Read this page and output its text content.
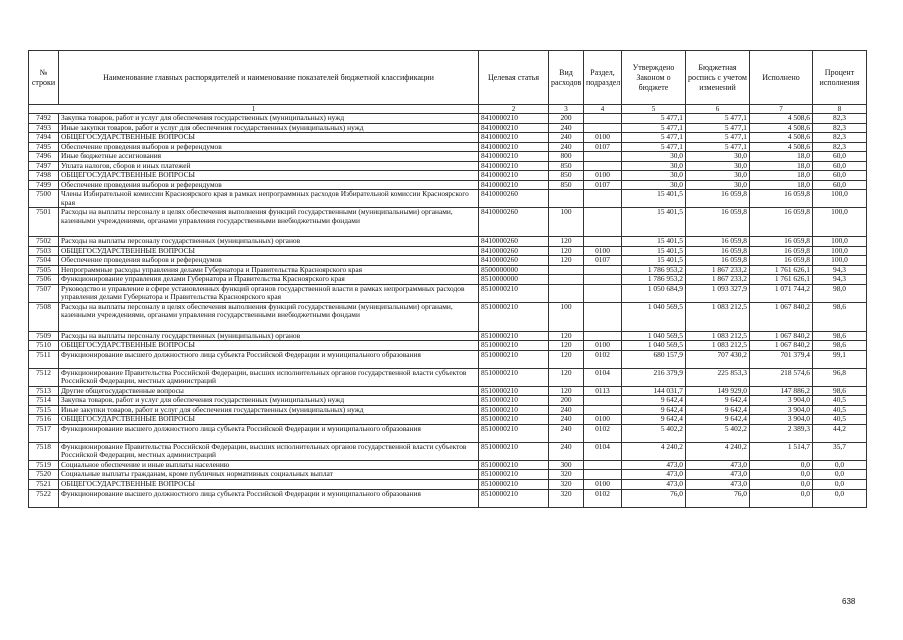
№ строки	Наименование главных распорядителей и наименование показателей бюджетной классификации	Целевая статья	Вид расходов	Раздел, подраздел	Утверждено Законом о бюджете	Бюджетная роспись с учетом изменений	Исполнено	Процент исполнения
1		2	3	4	5	6	7	8
7492	Закупка товаров, работ и услуг для обеспечения государственных (муниципальных) нужд	8410000210	200		5 477,1	5 477,1	4 508,6	82,3
7493	Иные закупки товаров, работ и услуг для обеспечения государственных (муниципальных) нужд	8410000210	240		5 477,1	5 477,1	4 508,6	82,3
7494	ОБЩЕГОСУДАРСТВЕННЫЕ ВОПРОСЫ	8410000210	240	0100	5 477,1	5 477,1	4 508,6	82,3
7495	Обеспечение проведения выборов и референдумов	8410000210	240	0107	5 477,1	5 477,1	4 508,6	82,3
7496	Иные бюджетные ассигнования	8410000210	800		30,0	30,0	18,0	60,0
7497	Уплата налогов, сборов и иных платежей	8410000210	850		30,0	30,0	18,0	60,0
7498	ОБЩЕГОСУДАРСТВЕННЫЕ ВОПРОСЫ	8410000210	850	0100	30,0	30,0	18,0	60,0
7499	Обеспечение проведения выборов и референдумов	8410000210	850	0107	30,0	30,0	18,0	60,0
7500	Члены Избирательной комиссии Красноярского края в рамках непрограммных расходов Избирательной комиссии Красноярского края	8410000260			15 401,5	16 059,8	16 059,8	100,0
7501	Расходы на выплаты персоналу в целях обеспечения выполнения функций государственными (муниципальными) органами, казенными учреждениями, органами управления государственными внебюджетными фондами	8410000260	100		15 401,5	16 059,8	16 059,8	100,0
7502	Расходы на выплаты персоналу государственных (муниципальных) органов	8410000260	120		15 401,5	16 059,8	16 059,8	100,0
7503	ОБЩЕГОСУДАРСТВЕННЫЕ ВОПРОСЫ	8410000260	120	0100	15 401,5	16 059,8	16 059,8	100,0
7504	Обеспечение проведения выборов и референдумов	8410000260	120	0107	15 401,5	16 059,8	16 059,8	100,0
7505	Непрограммные расходы управления делами Губернатора и Правительства Красноярского края	8500000000			1 786 953,2	1 867 233,2	1 761 626,1	94,3
7506	Функционирование управления делами Губернатора и Правительства Красноярского края	8510000000			1 786 953,2	1 867 233,2	1 761 626,1	94,3
7507	Руководство и управление в сфере установленных функций органов государственной власти в рамках непрограммных расходов управления делами Губернатора и Правительства Красноярского края	8510000210			1 050 684,9	1 093 327,9	1 071 744,2	98,0
7508	Расходы на выплаты персоналу в целях обеспечения выполнения функций государственными (муниципальными) органами, казенными учреждениями, органами управления государственными внебюджетными фондами	8510000210	100		1 040 569,5	1 083 212,5	1 067 840,2	98,6
7509	Расходы на выплаты персоналу государственных (муниципальных) органов	8510000210	120		1 040 569,5	1 083 212,5	1 067 840,2	98,6
7510	ОБЩЕГОСУДАРСТВЕННЫЕ ВОПРОСЫ	8510000210	120	0100	1 040 569,5	1 083 212,5	1 067 840,2	98,6
7511	Функционирование высшего должностного лица субъекта Российской Федерации и муниципального образования	8510000210	120	0102	680 157,9	707 430,2	701 379,4	99,1
7512	Функционирование Правительства Российской Федерации, высших исполнительных органов государственной власти субъектов Российской Федерации, местных администраций	8510000210	120	0104	216 379,9	225 853,3	218 574,6	96,8
7513	Другие общегосударственные вопросы	8510000210	120	0113	144 031,7	149 929,0	147 886,2	98,6
7514	Закупка товаров, работ и услуг для обеспечения государственных (муниципальных) нужд	8510000210	200		9 642,4	9 642,4	3 904,0	40,5
7515	Иные закупки товаров, работ и услуг для обеспечения государственных (муниципальных) нужд	8510000210	240		9 642,4	9 642,4	3 904,0	40,5
7516	ОБЩЕГОСУДАРСТВЕННЫЕ ВОПРОСЫ	8510000210	240	0100	9 642,4	9 642,4	3 904,0	40,5
7517	Функционирование высшего должностного лица субъекта Российской Федерации и муниципального образования	8510000210	240	0102	5 402,2	5 402,2	2 389,3	44,2
7518	Функционирование Правительства Российской Федерации, высших исполнительных органов государственной власти субъектов Российской Федерации, местных администраций	8510000210	240	0104	4 240,2	4 240,2	1 514,7	35,7
7519	Социальное обеспечение и иные выплаты населению	8510000210	300		473,0	473,0	0,0	0,0
7520	Социальные выплаты гражданам, кроме публичных нормативных социальных выплат	8510000210	320		473,0	473,0	0,0	0,0
7521	ОБЩЕГОСУДАРСТВЕННЫЕ ВОПРОСЫ	8510000210	320	0100	473,0	473,0	0,0	0,0
7522	Функционирование высшего должностного лица субъекта Российской Федерации и муниципального образования	8510000210	320	0102	76,0	76,0	0,0	0,0
638
